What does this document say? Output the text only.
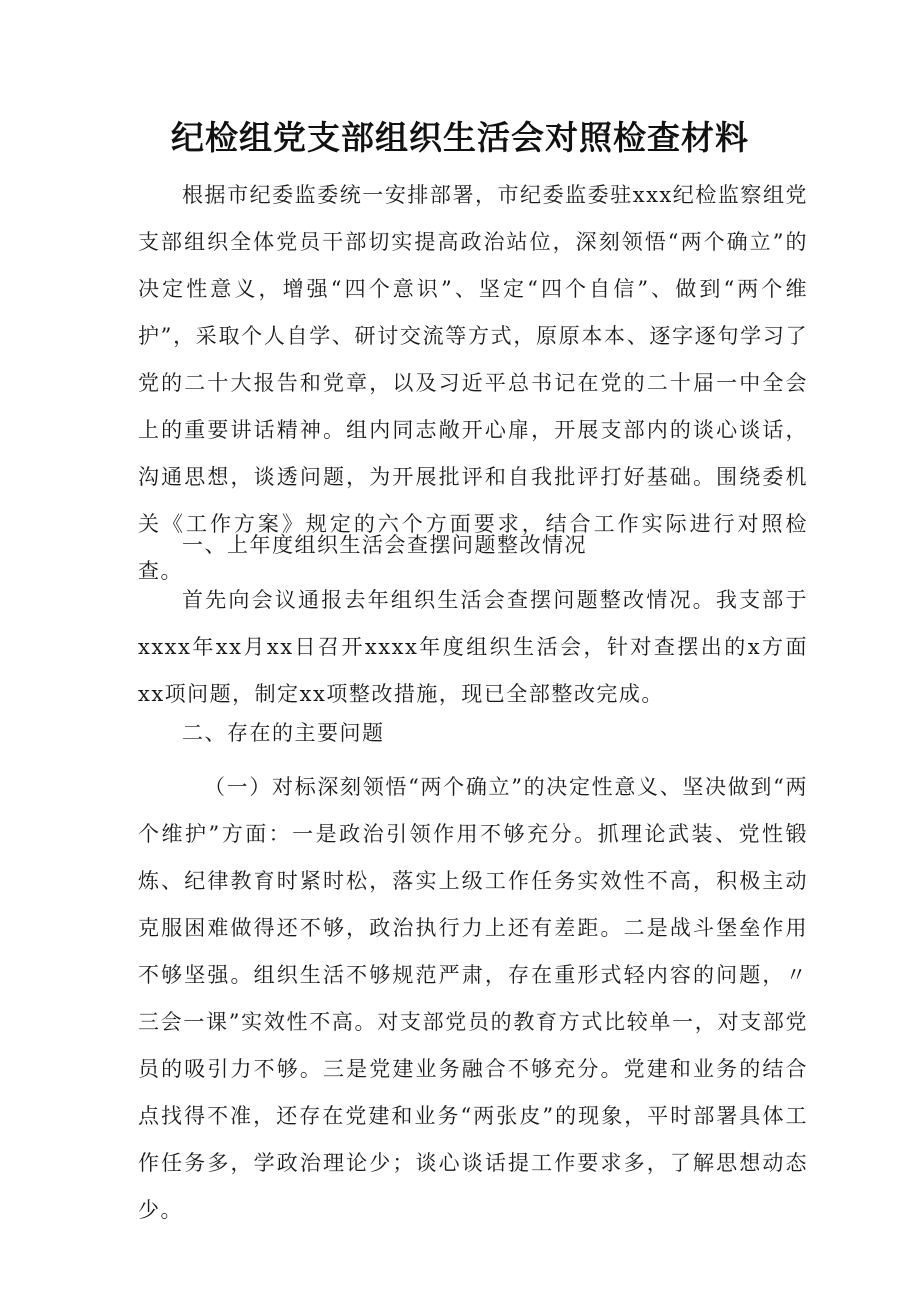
纪检组党支部组织生活会对照检查材料

根据市纪委监委统一安排部署，市纪委监委驻xxx纪检监察组党支部组织全体党员干部切实提高政治站位，深刻领悟“两个确立”的决定性意义，增强“四个意识”、坚定“四个自信”、做到“两个维护”，采取个人自学、研讨交流等方式，原原本本、逐字逐句学习了党的二十大报告和党章，以及习近平总书记在党的二十届一中全会上的重要讲话精神。组内同志敞开心扉，开展支部内的谈心谈话，沟通思想，谈透问题，为开展批评和自我批评打好基础。围绕委机关《工作方案》规定的六个方面要求，结合工作实际进行对照检查。

一、上年度组织生活会查摆问题整改情况

首先向会议通报去年组织生活会查摆问题整改情况。我支部于xxxx年xx月xx日召开xxxx年度组织生活会，针对查摆出的x方面xx项问题，制定xx项整改措施，现已全部整改完成。

二、存在的主要问题

（一）对标深刻领悟“两个确立”的决定性意义、坚决做到“两个维护”方面：一是政治引领作用不够充分。抓理论武装、党性锻炼、纪律教育时紧时松，落实上级工作任务实效性不高，积极主动克服困难做得还不够，政治执行力上还有差距。二是战斗堡垒作用不够坚强。组织生活不够规范严肃，存在重形式轻内容的问题，〃三会一课”实效性不高。对支部党员的教育方式比较单一，对支部党员的吸引力不够。三是党建业务融合不够充分。党建和业务的结合点找得不准，还存在党建和业务“两张皮”的现象，平时部署具体工作任务多，学政治理论少；谈心谈话提工作要求多，了解思想动态少。
